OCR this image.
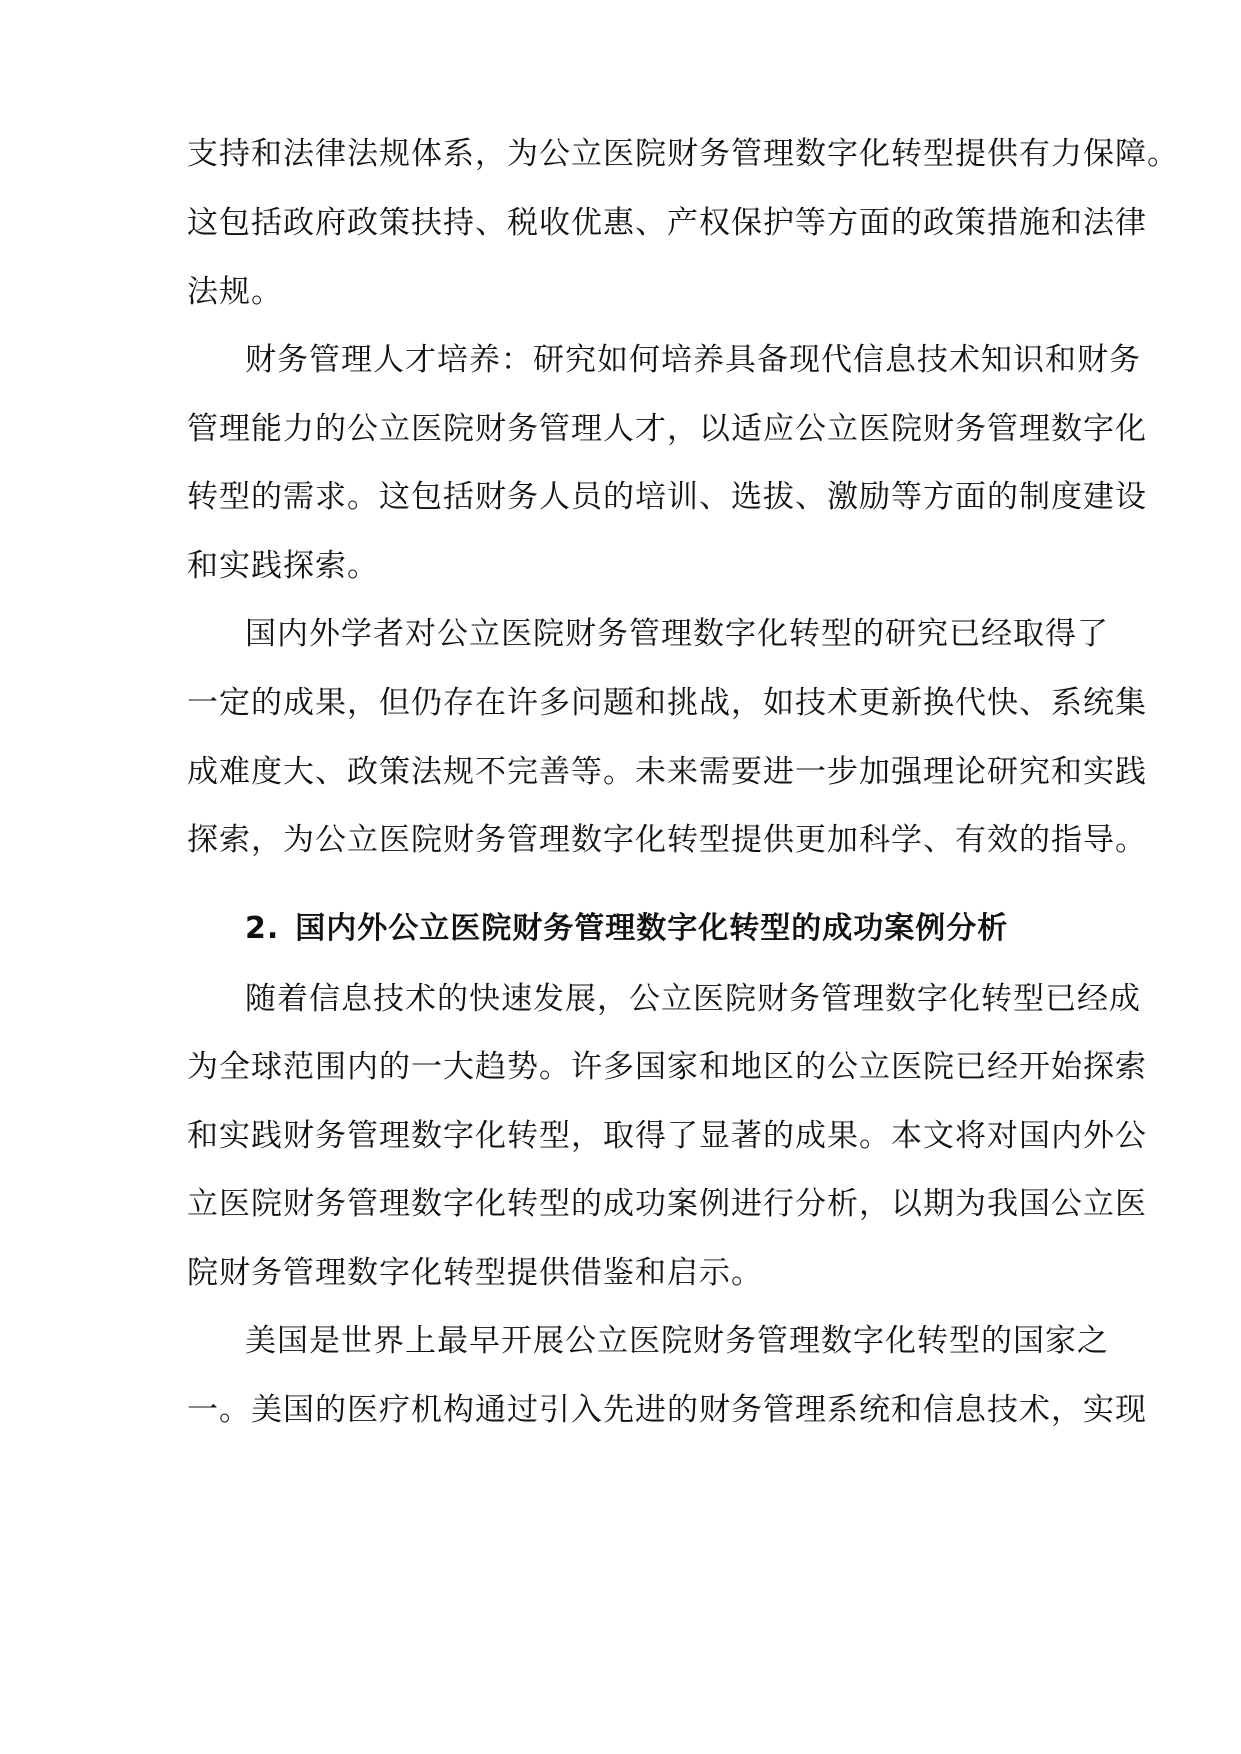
支持和法律法规体系，为公立医院财务管理数字化转型提供有力保障。
这包括政府政策扶持、税收优惠、产权保护等方面的政策措施和法律
法规。
财务管理人才培养：研究如何培养具备现代信息技术知识和财务
管理能力的公立医院财务管理人才，以适应公立医院财务管理数字化
转型的需求。这包括财务人员的培训、选拔、激励等方面的制度建设
和实践探索。
国内外学者对公立医院财务管理数字化转型的研究已经取得了
一定的成果，但仍存在许多问题和挑战，如技术更新换代快、系统集
成难度大、政策法规不完善等。未来需要进一步加强理论研究和实践
探索，为公立医院财务管理数字化转型提供更加科学、有效的指导。
2. 国内外公立医院财务管理数字化转型的成功案例分析
随着信息技术的快速发展，公立医院财务管理数字化转型已经成
为全球范围内的一大趋势。许多国家和地区的公立医院已经开始探索
和实践财务管理数字化转型，取得了显著的成果。本文将对国内外公
立医院财务管理数字化转型的成功案例进行分析，以期为我国公立医
院财务管理数字化转型提供借鉴和启示。
美国是世界上最早开展公立医院财务管理数字化转型的国家之
一。美国的医疗机构通过引入先进的财务管理系统和信息技术，实现
